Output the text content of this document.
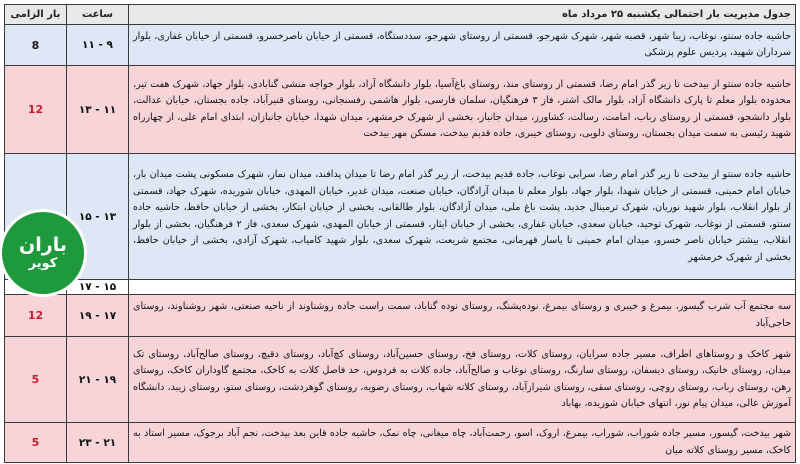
جدول مدیریت بار احتمالی یکشنبه ۲۵ مرداد ماه	ساعت	بار الزامی
حاشیه جاده سنتو، نوغاب، زیبا شهر، قصبه شهر، شهرک شهرجو، قسمتی از روستای شهرجو، سددستگاه، قسمتی از خیابان ناصرخسرو، قسمتی از خیابان غفاری، بلوار سرداران شهید، پردیس علوم پزشکی	۹ - ۱۱	8
حاشیه جاده سنتو از بیدخت تا زیر گذر امام رضا، قسمتی از روستای منذ، روستای باغ‌آسیا، بلوار دانشگاه آزاد، بلوار خواجه منشی گنابادی، بلوار جهاد، شهرک هفت تیر، محدوده بلوار معلم تا پارک دانشگاه آزاد، بلوار مالک اشتر، فاز ۳ فرهنگیان، سلمان فارسی، بلوار هاشمی رفسنجانی، روستای قنبرآباد، جاده بجستان، خیابان عدالت، بلوار دانشجو، قسمتی از روستای رباب، امامت، رسالت، کشاورز، میدان جانباز، بخشی از شهرک خرمشهر، میدان شهدا، خیابان جانبازان، ابتدای امام علی، از چهارراه شهید رئیسی به سمت میدان بجستان، روستای دلویی، روستای خیبری، جاده قدیم بیدخت، مسکن مهر بیدخت	۱۱ - ۱۳	12
حاشیه جاده سنتو از بیدخت تا زیر گذر امام رضا، سرابی نوغاب، جاده قدیم بیدخت، از زیر گذر امام رضا تا میدان پدافند، میدان نماز، شهرک مسکونی پشت میدان بار، خیابان امام خمینی، قسمتی از خیابان شهدا، بلوار جهاد، بلوار معلم تا میدان آزادگان، خیابان صنعت، میدان غدیر، خیابان المهدی، خیابان شوریده، شهرک جهاد، قسمتی از بلوار انقلاب، بلوار شهید نوریان، شهرک ترمینال جدید، پشت باغ ملی، میدان آزادگان، بلوار طالقانی، بخشی از خیابان ابتکار، بخشی از خیابان حافظ، حاشیه جاده سنتو، قسمتی از نوغاب، شهرک توحید، خیابان سعدی، خیابان غفاری، بخشی از خیابان ایثار، قسمتی از خیابان المهدی، شهرک سعدی، فاز ۲ فرهنگیان، بخشی از بلوار انقلاب، بیشتر خیابان ناصر خسرو، میدان امام خمینی تا یاسار قهرمانی، مجتمع شریعت، شهرک سعدی، بلوار شهید کامیاب، شهرک آزادی، بخشی از خیابان حافظ، بخشی از شهرک خرمشهر	۱۳ - ۱۵	
	۱۵ - ۱۷	
سه مجتمع آب شرب گیسور، بیمرغ و خیبری و روستای بیمرغ، نوده‌پشنگ، روستای نوده گناباد، سمت راست جاده روشناوند از ناحیه صنعتی، شهر روشناوند، روستای حاجی‌آباد	۱۷ - ۱۹	12
شهر کاخک و روستاهای اطراف، مسیر جاده سرایان، روستای کلات، روستای فخ، روستای حسین‌آباد، روستای کچ‌آباد، روستای دقیچ، روستای صالح‌آباد، روستای تک میدان، روستای خانیک، روستای دیسفان، روستای سارنگ، روستای نوغاب و صالح‌آباد، جاده کلات به فردوس، حد فاصل کلات به کاخک، مجتمع گاوداران کاخک، روستای رهن، روستای رباب، روستای روچی، روستای سقی، روستای شیرازآباد، روستای کلاته شهاب، روستای رضویه، روستای گوهردشت، روستای ستو، روستای زیبد، دانشگاه آموزش عالی، میدان پیام نور، انتهای خیابان شوریده، بهاباد	۱۹ - ۲۱	5
شهر بیدخت، گیسور، مسیر جاده شوراب، شوراب، بیمرغ، اروک، اسو، رحمت‌آباد، چاه میغانی، چاه نمک، حاشیه جاده قاین بعد بیدخت، نجم آباد برجوک، مسیر استاد به کاخک، مسیر روستای کلاته میان	۲۱ - ۲۳	5
باران
کویر
